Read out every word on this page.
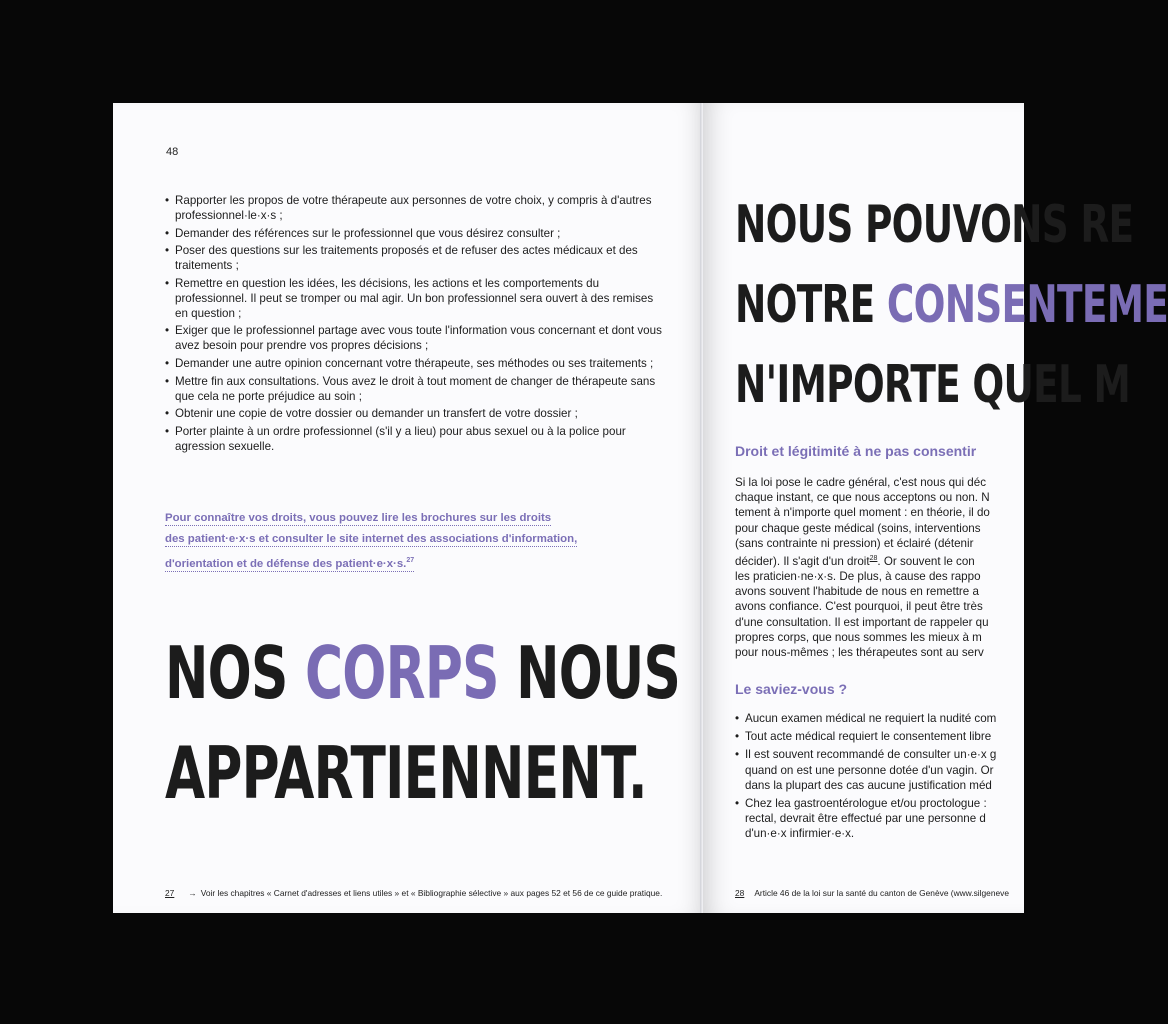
48
• Rapporter les propos de votre thérapeute aux personnes de votre choix, y compris à d'autres professionnel·le·x·s ;
• Demander des références sur le professionnel que vous désirez consulter ;
• Poser des questions sur les traitements proposés et de refuser des actes médicaux et des traitements ;
• Remettre en question les idées, les décisions, les actions et les comportements du professionnel. Il peut se tromper ou mal agir. Un bon professionnel sera ouvert à des remises en question ;
• Exiger que le professionnel partage avec vous toute l'information vous concernant et dont vous avez besoin pour prendre vos propres décisions ;
• Demander une autre opinion concernant votre thérapeute, ses méthodes ou ses traitements ;
• Mettre fin aux consultations. Vous avez le droit à tout moment de changer de thérapeute sans que cela ne porte préjudice au soin ;
• Obtenir une copie de votre dossier ou demander un transfert de votre dossier ;
• Porter plainte à un ordre professionnel (s'il y a lieu) pour abus sexuel ou à la police pour agression sexuelle.
Pour connaître vos droits, vous pouvez lire les brochures sur les droits
des patient·e·x·s et consulter le site internet des associations d'information,
d'orientation et de défense des patient·e·x·s.$^{27}$
NOS CORPS NOUS
APPARTIENNENT.
27 → Voir les chapitres « Carnet d'adresses et liens utiles » et « Bibliographie sélective » aux pages 52 et 56 de ce guide pratique.
NOUS POUVONS RE
NOTRE CONSENTEME
N'IMPORTE QUEL M
Droit et légitimité à ne pas consentir
Si la loi pose le cadre général, c'est nous qui déc
chaque instant, ce que nous acceptons ou non. N
tement à n'importe quel moment : en théorie, il do
pour chaque geste médical (soins, interventions
(sans contrainte ni pression) et éclairé (détenir
décider). Il s'agit d'un droit$^{28}$. Or souvent le con
les praticien·ne·x·s. De plus, à cause des rappo
avons souvent l'habitude de nous en remettre a
avons confiance. C'est pourquoi, il peut être très
d'une consultation. Il est important de rappeler qu
propres corps, que nous sommes les mieux à m
pour nous-mêmes ; les thérapeutes sont au serv
Le saviez-vous ?
• Aucun examen médical ne requiert la nudité com
• Tout acte médical requiert le consentement libre
• Il est souvent recommandé de consulter un·e·x g
quand on est une personne dotée d'un vagin. Or
dans la plupart des cas aucune justification méd
• Chez lea gastroentérologue et/ou proctologue :
rectal, devrait être effectué par une personne d
d'un·e·x infirmier·e·x.
28 Article 46 de la loi sur la santé du canton de Genève (www.silgeneve
